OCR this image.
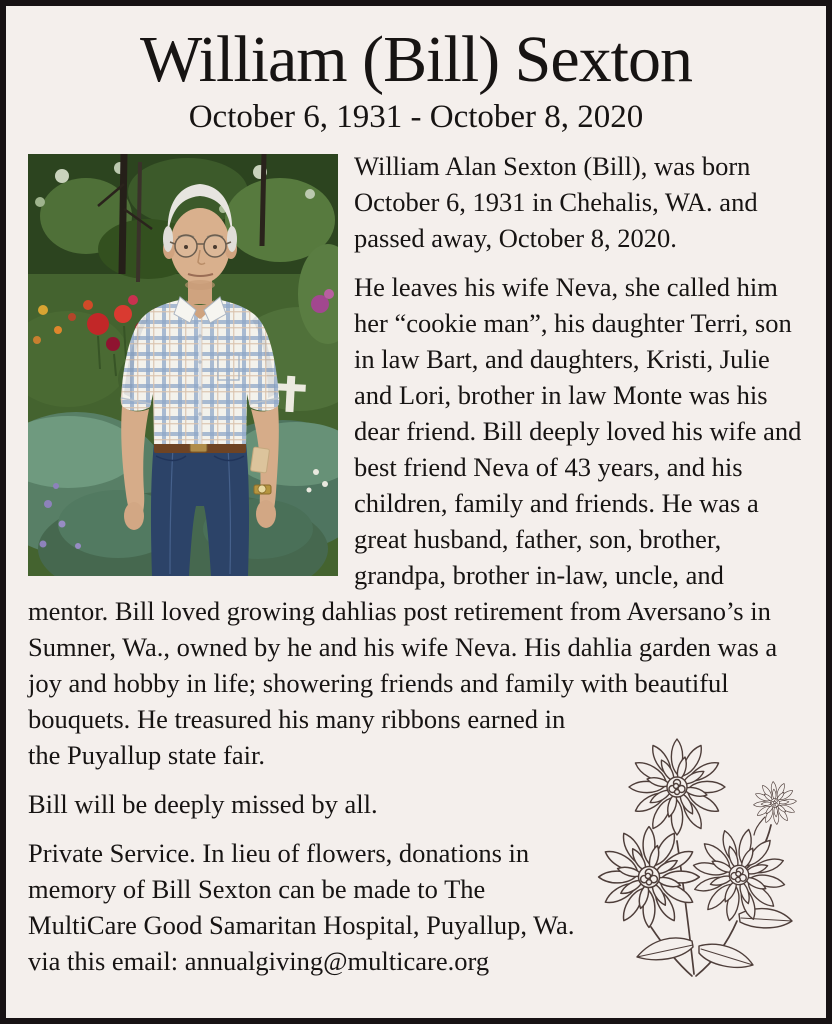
William (Bill) Sexton
October 6, 1931 - October 8, 2020

William Alan Sexton (Bill), was born October 6, 1931 in Chehalis, WA. and passed away, October 8, 2020.

He leaves his wife Neva, she called him her “cookie man”, his daughter Terri, son in law Bart, and daughters, Kristi, Julie and Lori, brother in law Monte was his dear friend. Bill deeply loved his wife and best friend Neva of 43 years, and his children, family and friends. He was a great husband, father, son, brother, grandpa, brother in-law, uncle, and mentor. Bill loved growing dahlias post retirement from Aversano’s in Sumner, Wa., owned by he and his wife Neva. His dahlia garden was a joy and hobby in life; showering friends and family with beautiful bouquets.
He treasured his many ribbons earned in the Puyallup state fair.

Bill will be deeply missed by all.

Private Service. In lieu of flowers, donations in memory of Bill Sexton can be made to The MultiCare Good Samaritan Hospital, Puyallup, Wa. via this email: annualgiving@multicare.org
